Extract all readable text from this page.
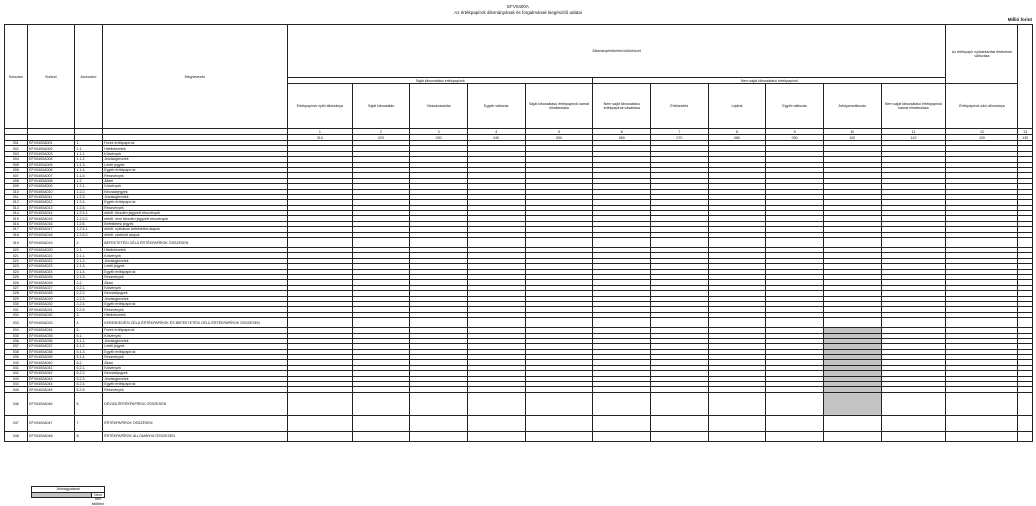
EFV0400A
Az értékpapírok állományának és forgalmának kiegészítő adatai
Millió forint
Sorszám	Sorkód	Azonosító	Megnevezés	Állományértékelési különbözet											Az értékpapír nyilvántartási értékének változása	
				Saját kibocsátású értékpapírok					Nem saját kibocsátású értékpapírok							
				Értékpapírok nyitó állománya	Saját kibocsátás	Visszavásárlás	Egyéb változás	Saját kibocsátású értékpapírok kamat elhatárolása	Nem saját kibocsátású értékpapírok vásárlása	Értékesítés	Lejárat	Egyéb változás	Árfolyamváltozás	Nem saját kibocsátású értékpapírok kamat elhatárolása	Értékpapírok záró állománya	
				1	2	3	4	5	6	7	8	9	10	11	12	13
				010	020	030	040	050	060	070	080	090	100	110	120	130
001	EFV0400A001	1.	Forint értékpapírok													
002	EFV0400A002	1.1.	Hitelintézetek													
003	EFV0400A003	1.1.1.	Kötvények													
004	EFV0400A004	1.1.2.	Jelzáloglevelek													
005	EFV0400A005	1.1.3.	Letéti jegyek													
006	EFV0400A006	1.1.4.	Egyéb értékpapírok													
007	EFV0400A007	1.1.5.	Részvények													
008	EFV0400A008	1.2.	Állam													
009	EFV0400A009	1.2.1.	Kötvények													
010	EFV0400A010	1.2.2.	Kincstárjegyek													
011	EFV0400A011	1.2.3.	Jelzáloglevelek													
012	EFV0400A012	1.2.4.	Egyéb értékpapírok													
013	EFV0400A013	1.2.5.	Részvények													
014	EFV0400A014	1.2.5.1.	ebből: tőzsdén jegyzett részvények													
015	EFV0400A015	1.2.5.2.	ebből: nem tőzsdén jegyzett részvények													
016	EFV0400A016	1.2.6.	Befektetési jegyek													
017	EFV0400A017	1.2.6.1.	ebből: nyilvános befektetési alapok													
018	EFV0400A018	1.2.6.2.	ebből: zártkörű alapok													
019	EFV0400A019	2.	BEFEKTETÉSI CÉLÚ ÉRTÉKPAPÍROK ÖSSZESEN													
020	EFV0400A020	2.1.	Hitelintézetek													
021	EFV0400A021	2.1.1.	Kötvények													
022	EFV0400A022	2.1.2.	Jelzáloglevelek													
023	EFV0400A023	2.1.3.	Letéti jegyek													
024	EFV0400A024	2.1.4.	Egyéb értékpapírok													
025	EFV0400A025	2.1.5.	Részvények													
026	EFV0400A026	2.2.	Állam													
027	EFV0400A027	2.2.1.	Kötvények													
028	EFV0400A028	2.2.2.	Kincstárjegyek													
029	EFV0400A029	2.2.3.	Jelzáloglevelek													
030	EFV0400A030	2.2.4.	Egyéb értékpapírok													
031	EFV0400A031	2.2.5.	Részvények													
032	EFV0400A032	3.	Hitelintézetek													
033	EFV0400A033	4.	KERESKEDÉSI CÉLÚ ÉRTÉKPAPÍROK ÉS BEFEKTETÉSI CÉLÚ ÉRTÉKPAPÍROK ÖSSZESEN													
034	EFV0400A034	5.	Forint értékpapírok													
035	EFV0400A035	5.1.	Kötvények													
036	EFV0400A036	5.1.1.	Jelzáloglevelek													
037	EFV0400A037	5.1.2.	Letéti jegyek													
038	EFV0400A038	5.1.3.	Egyéb értékpapírok													
039	EFV0400A039	5.1.4.	Részvények													
040	EFV0400A040	5.2.	Állam													
041	EFV0400A041	5.2.1.	Kötvények													
042	EFV0400A042	5.2.2.	Kincstárjegyek													
043	EFV0400A043	5.2.3.	Jelzáloglevelek													
044	EFV0400A044	5.2.4.	Egyéb értékpapírok													
045	EFV0400A045	5.2.5.	Részvények													
046	EFV0400A046	6.	DEVIZA ÉRTÉKPAPÍROK ÖSSZESEN													
047	EFV0400A047	7.	ÉRTÉKPAPÍROK ÖSSZESEN													
048	EFV0400A048	8.	ÉRTÉKPAPÍROK ÁLLOMÁNYA ÖSSZESEN													
Jelmagyarázat
Nem kell kitölteni
